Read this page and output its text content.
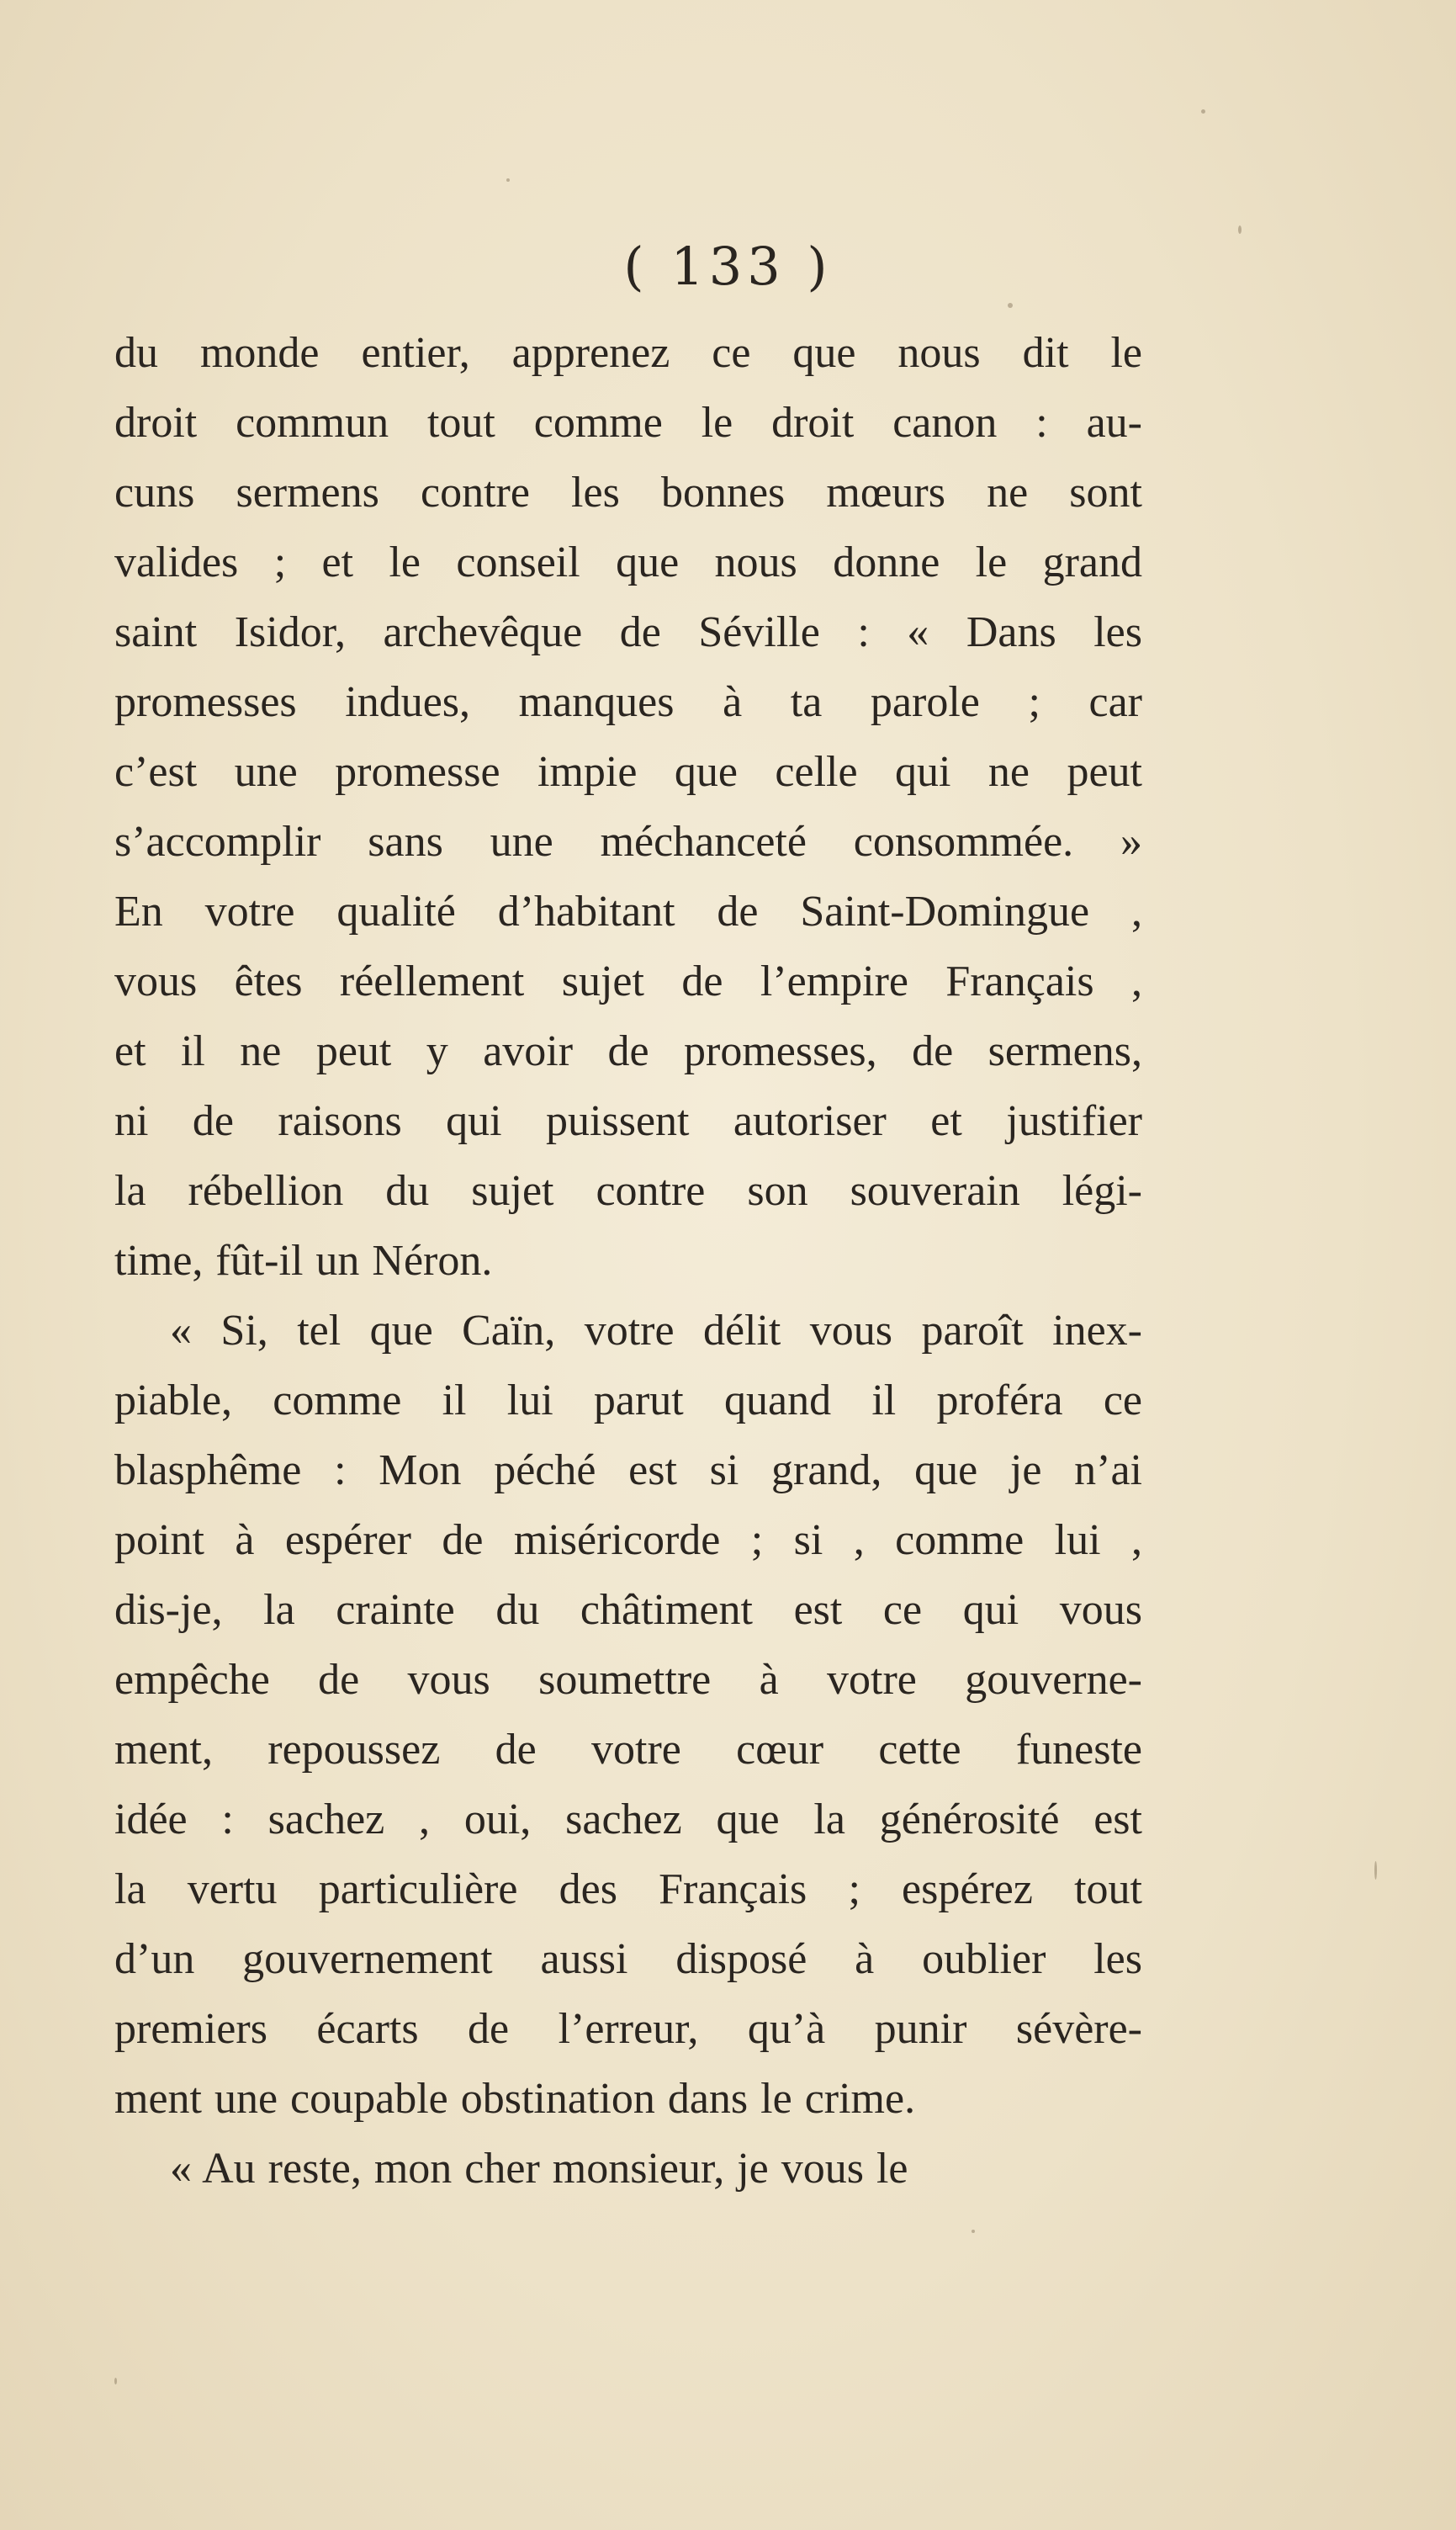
( 133 )
du monde entier, apprenez ce que nous dit le
droit commun tout comme le droit canon : au-
cuns sermens contre les bonnes mœurs ne sont
valides ; et le conseil que nous donne le grand
saint Isidor, archevêque de Séville : « Dans les
promesses indues, manques à ta parole ; car
c’est une promesse impie que celle qui ne peut
s’accomplir sans une méchanceté consommée. »
En votre qualité d’habitant de Saint-Domingue ,
vous êtes réellement sujet de l’empire Français ,
et il ne peut y avoir de promesses, de sermens,
ni de raisons qui puissent autoriser et justifier
la rébellion du sujet contre son souverain légi-
time, fût-il un Néron.
« Si, tel que Caïn, votre délit vous paroît inex-
piable, comme il lui parut quand il proféra ce
blasphême : Mon péché est si grand, que je n’ai
point à espérer de miséricorde ; si , comme lui ,
dis-je, la crainte du châtiment est ce qui vous
empêche de vous soumettre à votre gouverne-
ment, repoussez de votre cœur cette funeste
idée : sachez , oui, sachez que la générosité est
la vertu particulière des Français ; espérez tout
d’un gouvernement aussi disposé à oublier les
premiers écarts de l’erreur, qu’à punir sévère-
ment une coupable obstination dans le crime.
« Au reste, mon cher monsieur, je vous le
